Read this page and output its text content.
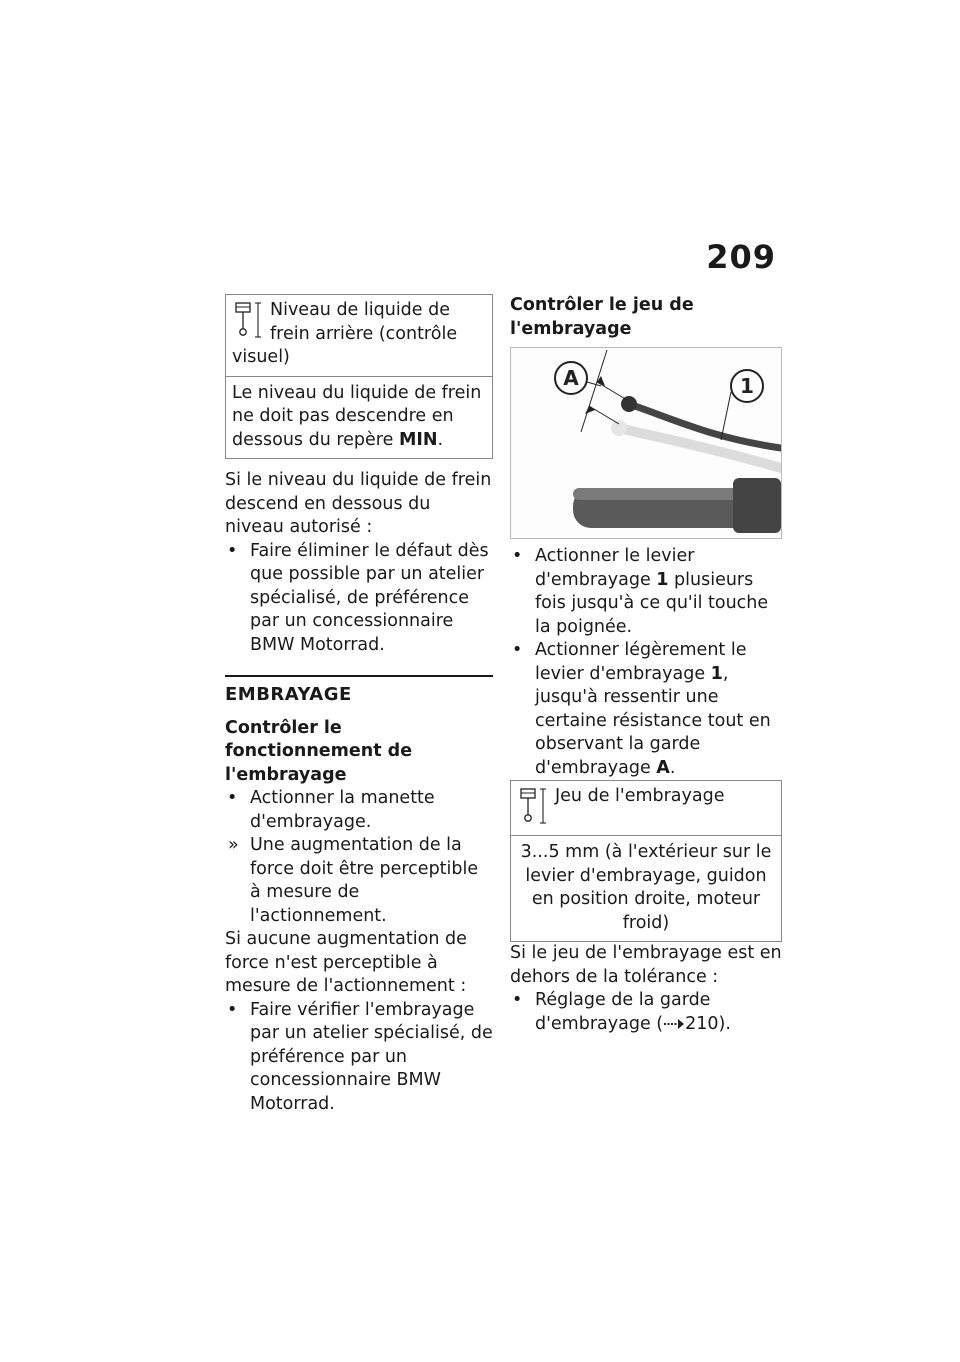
209
Niveau de liquide de frein arrière (contrôle visuel)
Le niveau du liquide de frein ne doit pas descendre en dessous du repère MIN.

Si le niveau du liquide de frein descend en dessous du niveau autorisé :

• Faire éliminer le défaut dès que possible par un atelier spécialisé, de préférence par un concessionnaire BMW Motorrad.
EMBRAYAGE
Contrôler le fonctionnement de l'embrayage
• Actionner la manette d'embrayage.
» Une augmentation de la force doit être perceptible à mesure de l'actionnement.

Si aucune augmentation de force n'est perceptible à mesure de l'actionnement :

• Faire vérifier l'embrayage par un atelier spécialisé, de préférence par un concessionnaire BMW Motorrad.
Contrôler le jeu de l'embrayage
A	1
• Actionner le levier d'embrayage 1 plusieurs fois jusqu'à ce qu'il touche la poignée.
• Actionner légèrement le levier d'embrayage 1, jusqu'à ressentir une certaine résistance tout en observant la garde d'embrayage A.
Jeu de l'embrayage
3...5 mm (à l'extérieur sur le levier d'embrayage, guidon en position droite, moteur froid)

Si le jeu de l'embrayage est en dehors de la tolérance :

• Réglage de la garde d'embrayage ( 210).
